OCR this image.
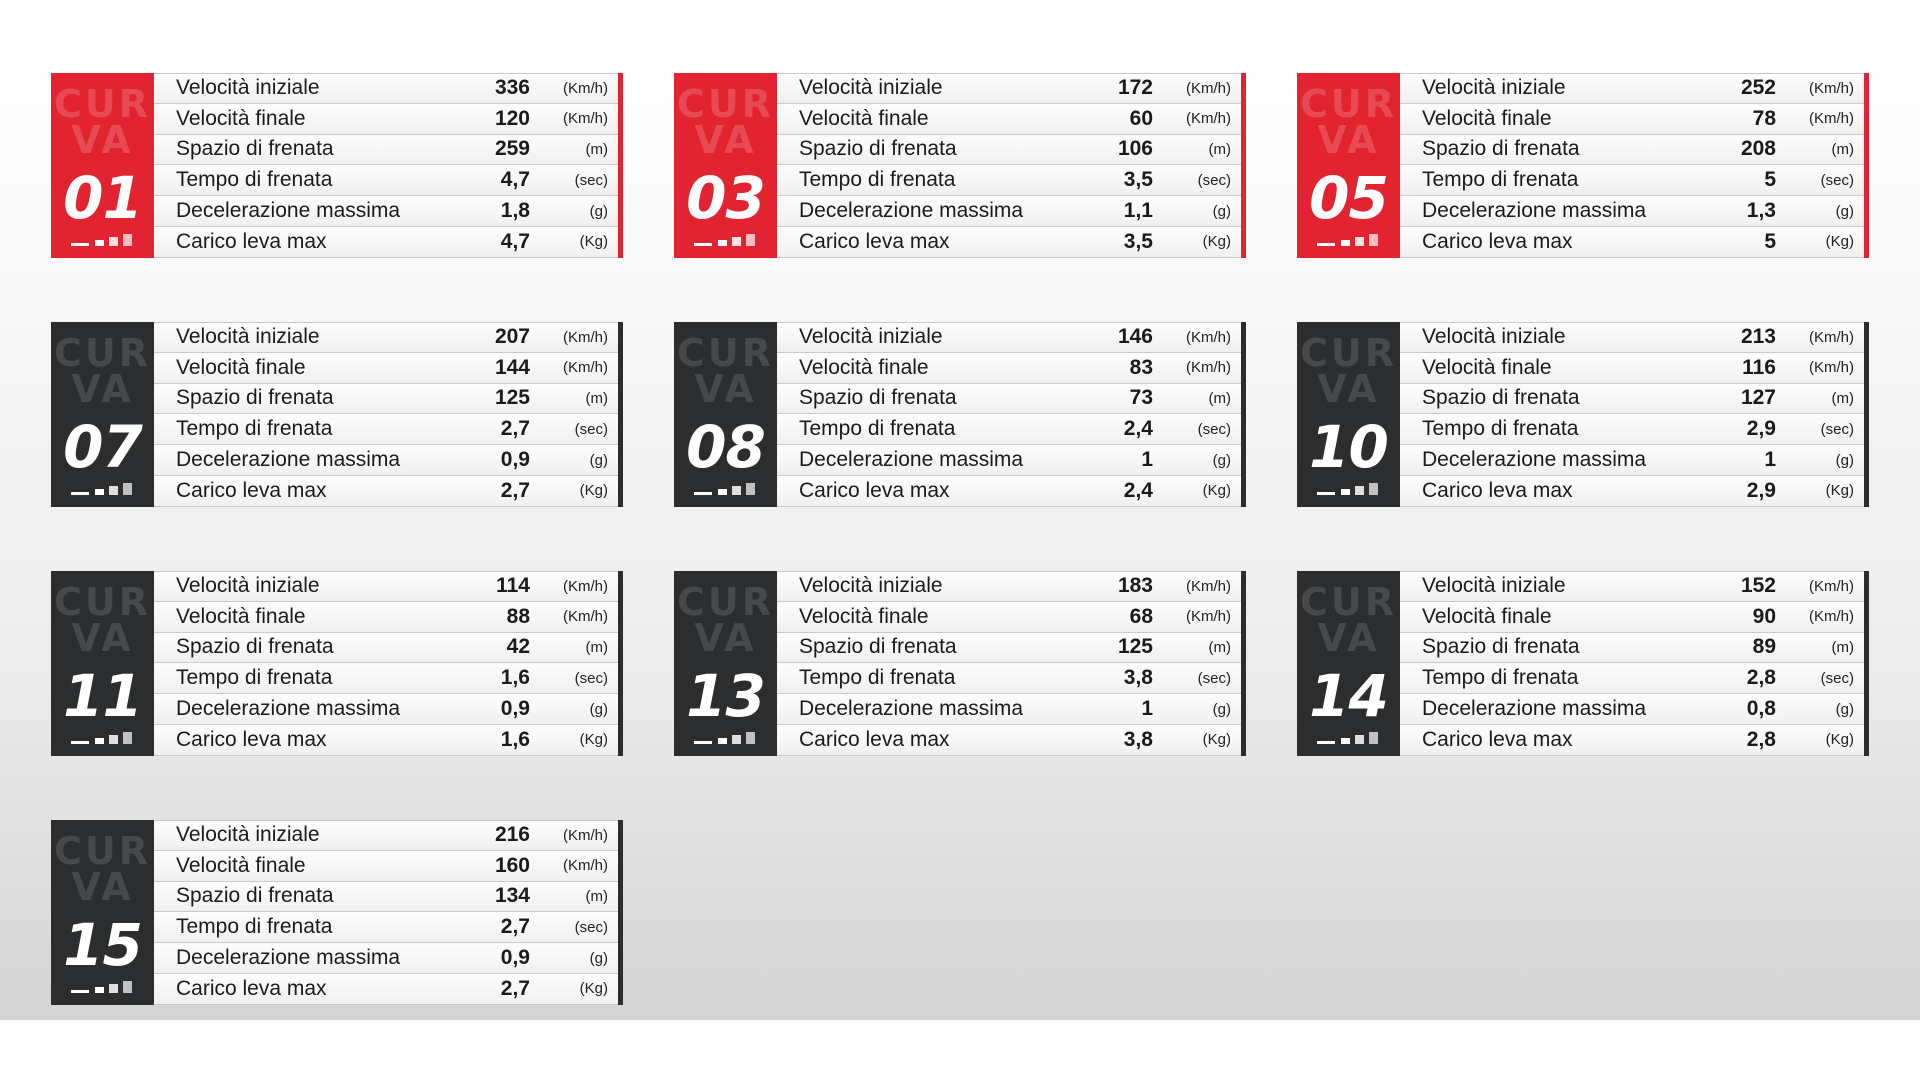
CUR
VA
01
Velocità iniziale	336	(Km/h)
Velocità finale	120	(Km/h)
Spazio di frenata	259	(m)
Tempo di frenata	4,7	(sec)
Decelerazione massima	1,8	(g)
Carico leva max	4,7	(Kg)
CUR
VA
03
Velocità iniziale	172	(Km/h)
Velocità finale	60	(Km/h)
Spazio di frenata	106	(m)
Tempo di frenata	3,5	(sec)
Decelerazione massima	1,1	(g)
Carico leva max	3,5	(Kg)
CUR
VA
05
Velocità iniziale	252	(Km/h)
Velocità finale	78	(Km/h)
Spazio di frenata	208	(m)
Tempo di frenata	5	(sec)
Decelerazione massima	1,3	(g)
Carico leva max	5	(Kg)
CUR
VA
07
Velocità iniziale	207	(Km/h)
Velocità finale	144	(Km/h)
Spazio di frenata	125	(m)
Tempo di frenata	2,7	(sec)
Decelerazione massima	0,9	(g)
Carico leva max	2,7	(Kg)
CUR
VA
08
Velocità iniziale	146	(Km/h)
Velocità finale	83	(Km/h)
Spazio di frenata	73	(m)
Tempo di frenata	2,4	(sec)
Decelerazione massima	1	(g)
Carico leva max	2,4	(Kg)
CUR
VA
10
Velocità iniziale	213	(Km/h)
Velocità finale	116	(Km/h)
Spazio di frenata	127	(m)
Tempo di frenata	2,9	(sec)
Decelerazione massima	1	(g)
Carico leva max	2,9	(Kg)
CUR
VA
11
Velocità iniziale	114	(Km/h)
Velocità finale	88	(Km/h)
Spazio di frenata	42	(m)
Tempo di frenata	1,6	(sec)
Decelerazione massima	0,9	(g)
Carico leva max	1,6	(Kg)
CUR
VA
13
Velocità iniziale	183	(Km/h)
Velocità finale	68	(Km/h)
Spazio di frenata	125	(m)
Tempo di frenata	3,8	(sec)
Decelerazione massima	1	(g)
Carico leva max	3,8	(Kg)
CUR
VA
14
Velocità iniziale	152	(Km/h)
Velocità finale	90	(Km/h)
Spazio di frenata	89	(m)
Tempo di frenata	2,8	(sec)
Decelerazione massima	0,8	(g)
Carico leva max	2,8	(Kg)
CUR
VA
15
Velocità iniziale	216	(Km/h)
Velocità finale	160	(Km/h)
Spazio di frenata	134	(m)
Tempo di frenata	2,7	(sec)
Decelerazione massima	0,9	(g)
Carico leva max	2,7	(Kg)
